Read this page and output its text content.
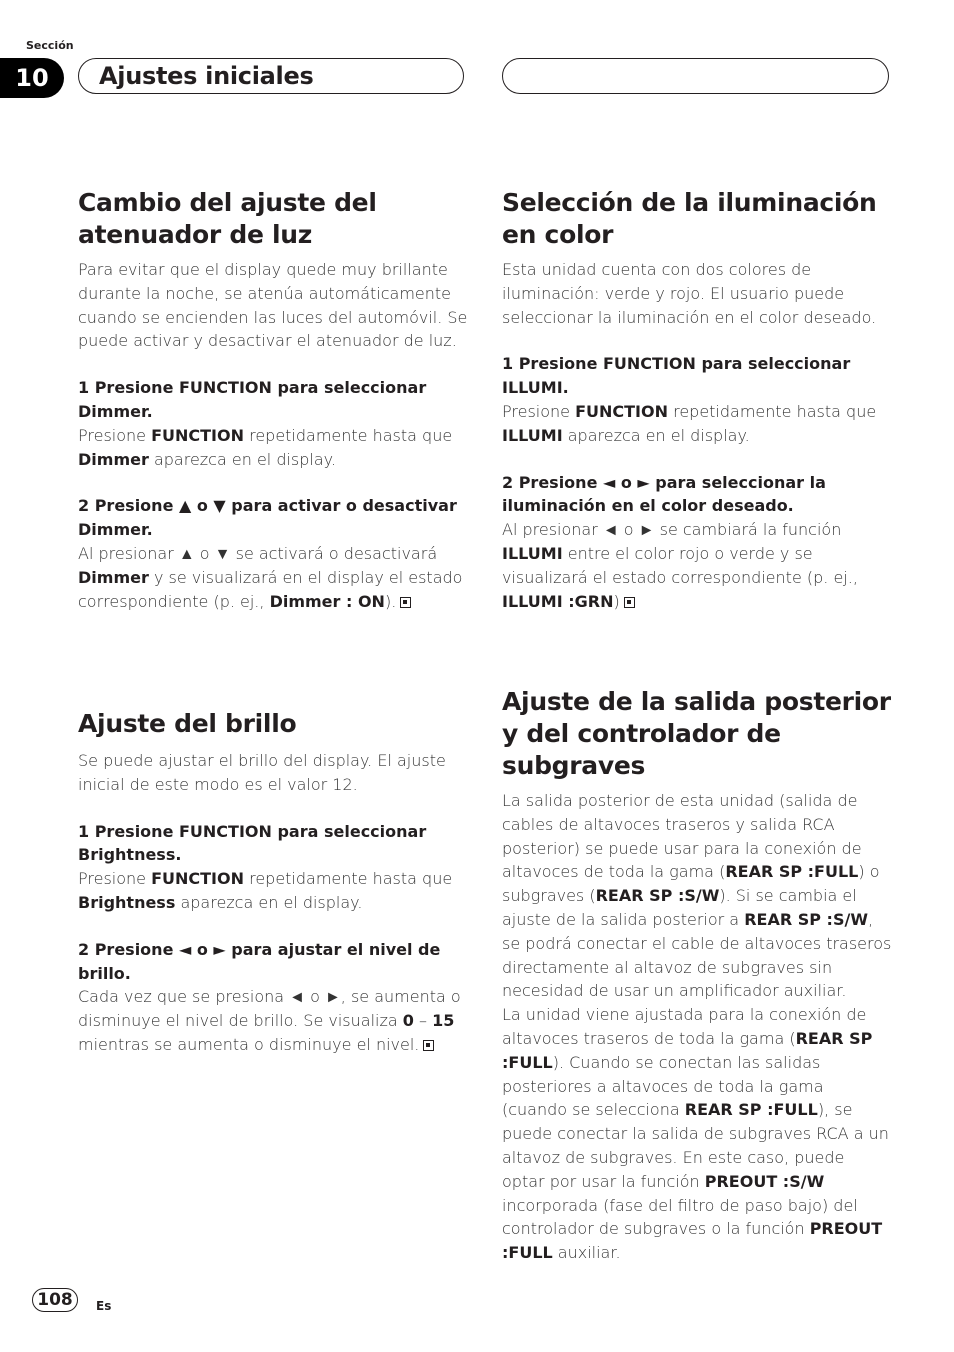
Sección
10	Ajustes iniciales
Cambio del ajuste del atenuador de luz

Para evitar que el display quede muy brillante durante la noche, se atenúa automáticamente cuando se encienden las luces del automóvil. Se puede activar y desactivar el atenuador de luz.

1 Presione FUNCTION para seleccionar Dimmer.

Presione FUNCTION repetidamente hasta que Dimmer aparezca en el display.

2 Presione ▲ o ▼ para activar o desactivar Dimmer.

Al presionar ▲ o ▼ se activará o desactivará Dimmer y se visualizará en el display el estado correspondiente (p. ej., Dimmer : ON).

Ajuste del brillo

Se puede ajustar el brillo del display. El ajuste inicial de este modo es el valor 12.

1 Presione FUNCTION para seleccionar Brightness.

Presione FUNCTION repetidamente hasta que Brightness aparezca en el display.

2 Presione ◄ o ► para ajustar el nivel de brillo.

Cada vez que se presiona ◄ o ►, se aumenta o disminuye el nivel de brillo. Se visualiza 0 – 15 mientras se aumenta o disminuye el nivel.

Selección de la iluminación en color

Esta unidad cuenta con dos colores de iluminación: verde y rojo. El usuario puede seleccionar la iluminación en el color deseado.

1 Presione FUNCTION para seleccionar ILLUMI.

Presione FUNCTION repetidamente hasta que ILLUMI aparezca en el display.

2 Presione ◄ o ► para seleccionar la iluminación en el color deseado.

Al presionar ◄ o ► se cambiará la función ILLUMI entre el color rojo o verde y se visualizará el estado correspondiente (p. ej., ILLUMI :GRN)

Ajuste de la salida posterior y del controlador de subgraves

La salida posterior de esta unidad (salida de cables de altavoces traseros y salida RCA posterior) se puede usar para la conexión de altavoces de toda la gama (REAR SP :FULL) o subgraves (REAR SP :S/W). Si se cambia el ajuste de la salida posterior a REAR SP :S/W, se podrá conectar el cable de altavoces traseros directamente al altavoz de subgraves sin necesidad de usar un amplificador auxiliar.

La unidad viene ajustada para la conexión de altavoces traseros de toda la gama (REAR SP :FULL). Cuando se conectan las salidas posteriores a altavoces de toda la gama (cuando se selecciona REAR SP :FULL), se puede conectar la salida de subgraves RCA a un altavoz de subgraves. En este caso, puede optar por usar la función PREOUT :S/W incorporada (fase del filtro de paso bajo) del controlador de subgraves o la función PREOUT :FULL auxiliar.

108	Es
